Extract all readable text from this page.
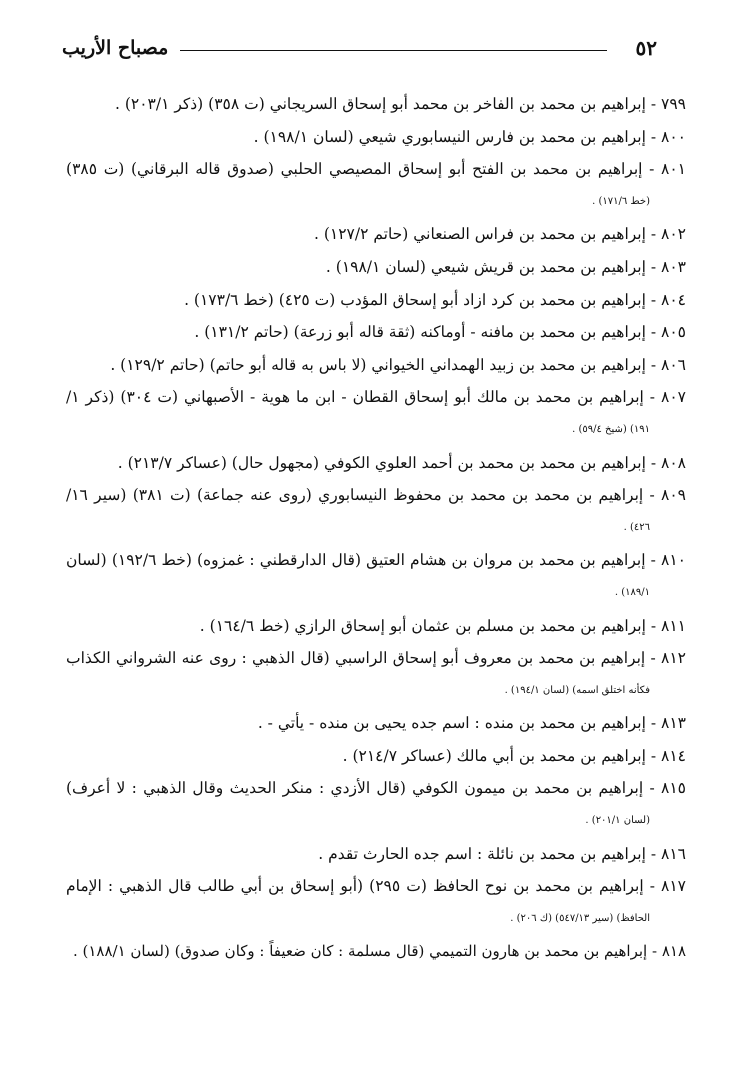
٥٢
مصباح الأريب
٧٩٩ - إبراهيم بن محمد بن الفاخر بن محمد أبو إسحاق السريجاني (ت ٣٥٨) (ذكر ٢٠٣/١) .
٨٠٠ - إبراهيم بن محمد بن فارس النيسابوري شيعي (لسان ١٩٨/١) .
٨٠١ - إبراهيم بن محمد بن الفتح أبو إسحاق المصيصي الحلبي (صدوق قاله البرقاني) (ت ٣٨٥)
(خط ١٧١/٦) .
٨٠٢ - إبراهيم بن محمد بن فراس الصنعاني (حاتم ١٢٧/٢) .
٨٠٣ - إبراهيم بن محمد بن قريش شيعي (لسان ١٩٨/١) .
٨٠٤ - إبراهيم بن محمد بن كرد ازاد أبو إسحاق المؤدب (ت ٤٢٥) (خط ١٧٣/٦) .
٨٠٥ - إبراهيم بن محمد بن مافنه - أوماكنه (ثقة قاله أبو زرعة) (حاتم ١٣١/٢) .
٨٠٦ - إبراهيم بن محمد بن زبيد الهمداني الخيواني (لا باس به قاله أبو حاتم) (حاتم ١٢٩/٢) .
٨٠٧ - إبراهيم بن محمد بن مالك أبو إسحاق القطان - ابن ما هوية - الأصبهاني (ت ٣٠٤) (ذكر ١/
١٩١) (شيخ ٥٩/٤) .
٨٠٨ - إبراهيم بن محمد بن محمد بن أحمد العلوي الكوفي (مجهول حال) (عساكر ٢١٣/٧) .
٨٠٩ - إبراهيم بن محمد بن محمد بن محفوظ النيسابوري (روى عنه جماعة) (ت ٣٨١) (سير ١٦/
٤٢٦) .
٨١٠ - إبراهيم بن محمد بن مروان بن هشام العتيق (قال الدارقطني : غمزوه) (خط ١٩٢/٦) (لسان
١٨٩/١) .
٨١١ - إبراهيم بن محمد بن مسلم بن عثمان أبو إسحاق الرازي (خط ١٦٤/٦) .
٨١٢ - إبراهيم بن محمد بن معروف أبو إسحاق الراسبي (قال الذهبي : روى عنه الشرواني الكذاب
فكأنه اختلق اسمه) (لسان ١٩٤/١) .
٨١٣ - إبراهيم بن محمد بن منده : اسم جده يحيى بن منده - يأتي - .
٨١٤ - إبراهيم بن محمد بن أبي مالك (عساكر ٢١٤/٧) .
٨١٥ - إبراهيم بن محمد بن ميمون الكوفي (قال الأزدي : منكر الحديث وقال الذهبي : لا أعرف)
(لسان ٢٠١/١) .
٨١٦ - إبراهيم بن محمد بن نائلة : اسم جده الحارث تقدم .
٨١٧ - إبراهيم بن محمد بن نوح الحافظ (ت ٢٩٥) (أبو إسحاق بن أبي طالب قال الذهبي : الإمام
الحافظ) (سير ٥٤٧/١٣) (ك ٢٠٦) .
٨١٨ - إبراهيم بن محمد بن هارون التميمي (قال مسلمة : كان ضعيفاً : وكان صدوق) (لسان ١٨٨/١) .
